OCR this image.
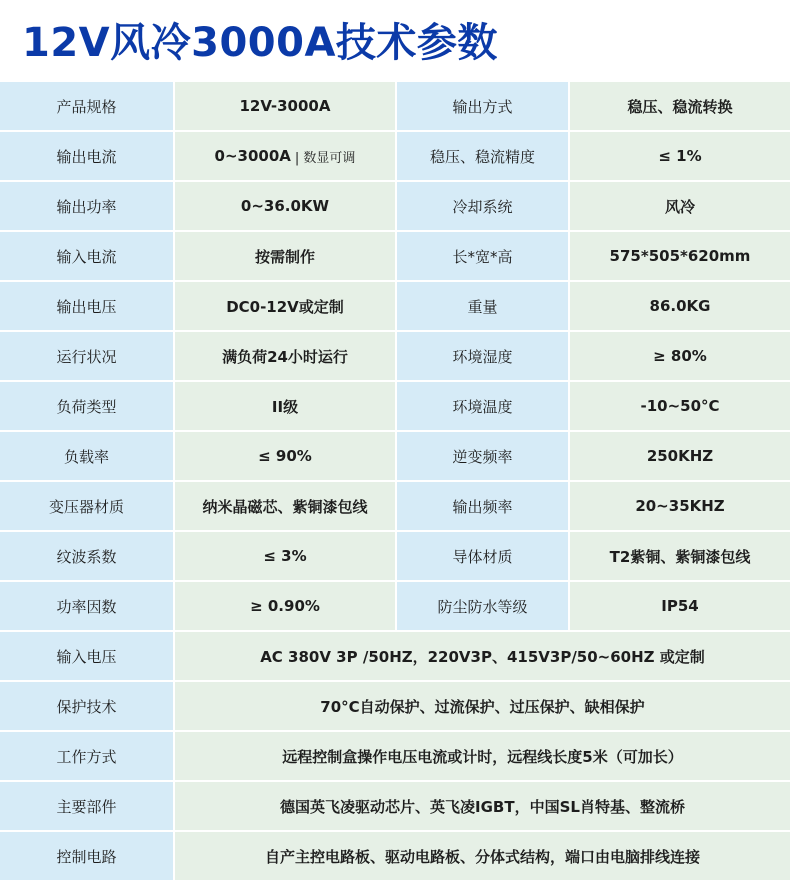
12V风冷3000A技术参数
产品规格	12V-3000A	输出方式	稳压、稳流转换
输出电流	0~3000A | 数显可调	稳压、稳流精度	≤ 1%
输出功率	0~36.0KW	冷却系统	风冷
输入电流	按需制作	长*宽*高	575*505*620mm
输出电压	DC0-12V或定制	重量	86.0KG
运行状况	满负荷24小时运行	环境湿度	≥ 80%
负荷类型	II级	环境温度	-10~50°C
负载率	≤ 90%	逆变频率	250KHZ
变压器材质	纳米晶磁芯、紫铜漆包线	输出频率	20~35KHZ
纹波系数	≤ 3%	导体材质	T2紫铜、紫铜漆包线
功率因数	≥ 0.90%	防尘防水等级	IP54
输入电压	AC 380V 3P /50HZ，220V3P、415V3P/50~60HZ 或定制
保护技术	70°C自动保护、过流保护、过压保护、缺相保护
工作方式	远程控制盒操作电压电流或计时，远程线长度5米（可加长）
主要部件	德国英飞凌驱动芯片、英飞凌IGBT，中国SL肖特基、整流桥
控制电路	自产主控电路板、驱动电路板、分体式结构，端口由电脑排线连接
